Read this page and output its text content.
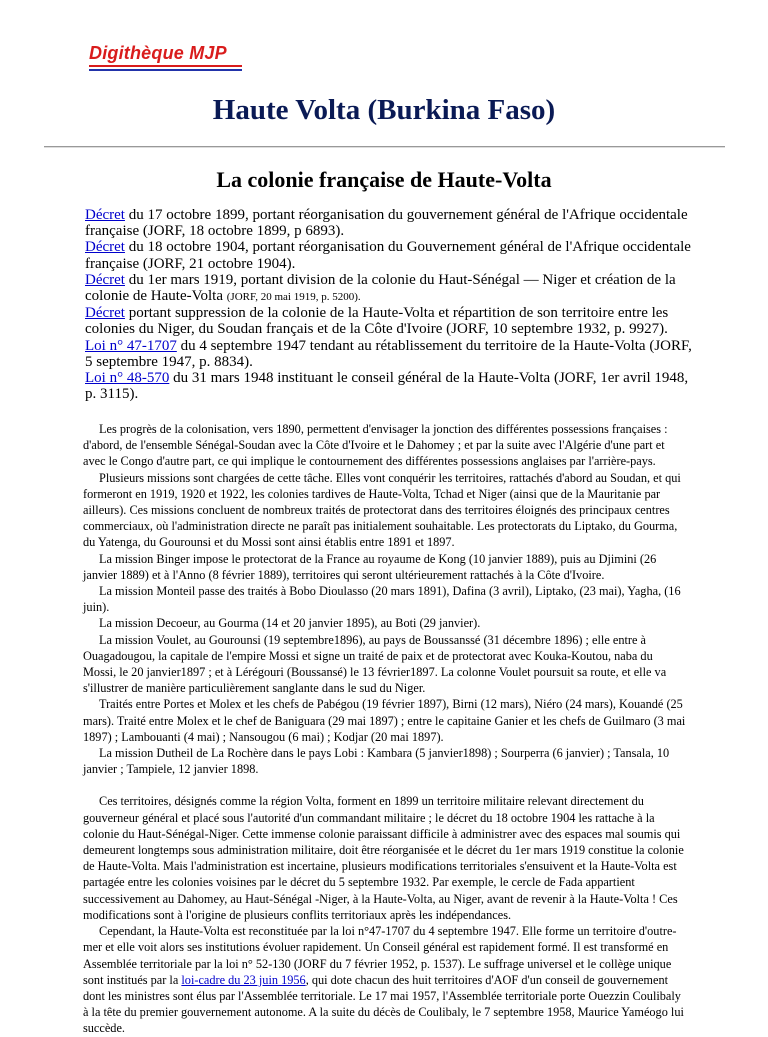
Digithèque MJP
Haute Volta (Burkina Faso)
La colonie française de Haute-Volta
Décret du 17 octobre 1899, portant réorganisation du gouvernement général de l'Afrique occidentale française (JORF, 18 octobre 1899, p 6893).
Décret du 18 octobre 1904, portant réorganisation du Gouvernement général de l'Afrique occidentale française (JORF, 21 octobre 1904).
Décret du 1er mars 1919, portant division de la colonie du Haut-Sénégal — Niger et création de la colonie de Haute-Volta (JORF, 20 mai 1919, p. 5200).
Décret portant suppression de la colonie de la Haute-Volta et répartition de son territoire entre les colonies du Niger, du Soudan français et de la Côte d'Ivoire (JORF, 10 septembre 1932, p. 9927).
Loi n° 47-1707 du 4 septembre 1947 tendant au rétablissement du territoire de la Haute-Volta (JORF, 5 septembre 1947, p. 8834).
Loi n° 48-570 du 31 mars 1948 instituant le conseil général de la Haute-Volta (JORF, 1er avril 1948, p. 3115).

Les progrès de la colonisation, vers 1890, permettent d'envisager la jonction des différentes possessions françaises : d'abord, de l'ensemble Sénégal-Soudan avec la Côte d'Ivoire et le Dahomey ; et par la suite avec l'Algérie d'une part et avec le Congo d'autre part, ce qui implique le contournement des différentes possessions anglaises par l'arrière-pays.

Plusieurs missions sont chargées de cette tâche. Elles vont conquérir les territoires, rattachés d'abord au Soudan, et qui formeront en 1919, 1920 et 1922, les colonies tardives de Haute-Volta, Tchad et Niger (ainsi que de la Mauritanie par ailleurs). Ces missions concluent de nombreux traités de protectorat dans des territoires éloignés des principaux centres commerciaux, où l'administration directe ne paraît pas initialement souhaitable. Les protectorats du Liptako, du Gourma, du Yatenga, du Gourounsi et du Mossi sont ainsi établis entre 1891 et 1897.

La mission Binger impose le protectorat de la France au royaume de Kong (10 janvier 1889), puis au Djimini (26 janvier 1889) et à l'Anno (8 février 1889), territoires qui seront ultérieurement rattachés à la Côte d'Ivoire.

La mission Monteil passe des traités à Bobo Dioulasso (20 mars 1891), Dafina (3 avril), Liptako, (23 mai), Yagha, (16 juin).

La mission Decoeur, au Gourma (14 et 20 janvier 1895), au Boti (29 janvier).

La mission Voulet, au Gourounsi (19 septembre1896), au pays de Boussanssé (31 décembre 1896) ; elle entre à Ouagadougou, la capitale de l'empire Mossi et signe un traité de paix et de protectorat avec Kouka-Koutou, naba du Mossi, le 20 janvier1897 ; et à Lérégouri (Boussansé) le 13 février1897. La colonne Voulet poursuit sa route, et elle va s'illustrer de manière particulièrement sanglante dans le sud du Niger.

Traités entre Portes et Molex et les chefs de Pabégou (19 février 1897), Birni (12 mars), Niéro (24 mars), Kouandé (25 mars). Traité entre Molex et le chef de Baniguara (29 mai 1897) ; entre le capitaine Ganier et les chefs de Guilmaro (3 mai 1897) ; Lambouanti (4 mai) ; Nansougou (6 mai) ; Kodjar (20 mai 1897).

La mission Dutheil de La Rochère dans le pays Lobi : Kambara (5 janvier1898) ; Sourperra (6 janvier) ; Tansala, 10 janvier ; Tampiele, 12 janvier 1898.

Ces territoires, désignés comme la région Volta, forment en 1899 un territoire militaire relevant directement du gouverneur général et placé sous l'autorité d'un commandant militaire ; le décret du 18 octobre 1904 les rattache à la colonie du Haut-Sénégal-Niger. Cette immense colonie paraissant difficile à administrer avec des espaces mal soumis qui demeurent longtemps sous administration militaire, doit être réorganisée et le décret du 1er mars 1919 constitue la colonie de Haute-Volta. Mais l'administration est incertaine, plusieurs modifications territoriales s'ensuivent et la Haute-Volta est partagée entre les colonies voisines par le décret du 5 septembre 1932. Par exemple, le cercle de Fada appartient successivement au Dahomey, au Haut-Sénégal -Niger, à la Haute-Volta, au Niger, avant de revenir à la Haute-Volta ! Ces modifications sont à l'origine de plusieurs conflits territoriaux après les indépendances.

Cependant, la Haute-Volta est reconstituée par la loi n°47-1707 du 4 septembre 1947. Elle forme un territoire d'outre-mer et elle voit alors ses institutions évoluer rapidement. Un Conseil général est rapidement formé. Il est transformé en Assemblée territoriale par la loi n° 52-130 (JORF du 7 février 1952, p. 1537). Le suffrage universel et le collège unique sont institués par la loi-cadre du 23 juin 1956, qui dote chacun des huit territoires d'AOF d'un conseil de gouvernement dont les ministres sont élus par l'Assemblée territoriale. Le 17 mai 1957, l'Assemblée territoriale porte Ouezzin Coulibaly à la tête du premier gouvernement autonome. A la suite du décès de Coulibaly, le 7 septembre 1958, Maurice Yaméogo lui succède.
